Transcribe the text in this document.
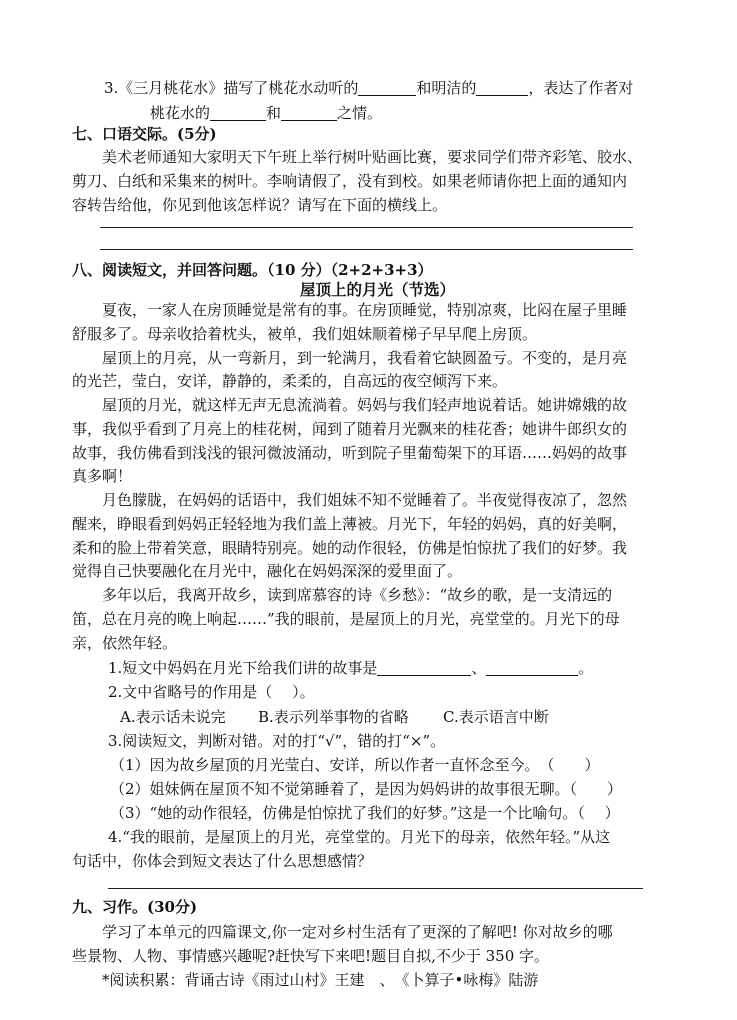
3.《三月桃花水》描写了桃花水动听的	和明洁的	，表达了作者对
桃花水的	和	之情。
七、口语交际。(5分)
美术老师通知大家明天下午班上举行树叶贴画比赛，要求同学们带齐彩笔、胶水、
剪刀、白纸和采集来的树叶。李响请假了，没有到校。如果老师请你把上面的通知内
容转告给他，你见到他该怎样说？请写在下面的横线上。
八、阅读短文，并回答问题。（10 分）（2+2+3+3）
屋顶上的月光（节选）
夏夜，一家人在房顶睡觉是常有的事。在房顶睡觉，特别凉爽，比闷在屋子里睡
舒服多了。母亲收拾着枕头，被单，我们姐妹顺着梯子早早爬上房顶。
屋顶上的月亮，从一弯新月，到一轮满月，我看着它缺圆盈亏。不变的，是月亮
的光芒，莹白，安详，静静的，柔柔的，自高远的夜空倾泻下来。
屋顶的月光，就这样无声无息流淌着。妈妈与我们轻声地说着话。她讲嫦娥的故
事，我似乎看到了月亮上的桂花树，闻到了随着月光飘来的桂花香；她讲牛郎织女的
故事，我仿佛看到浅浅的银河微波涌动，听到院子里葡萄架下的耳语……妈妈的故事
真多啊！
月色朦胧，在妈妈的话语中，我们姐妹不知不觉睡着了。半夜觉得夜凉了，忽然
醒来，睁眼看到妈妈正轻轻地为我们盖上薄被。月光下，年轻的妈妈，真的好美啊，
柔和的脸上带着笑意，眼睛特别亮。她的动作很轻，仿佛是怕惊扰了我们的好梦。我
觉得自己快要融化在月光中，融化在妈妈深深的爱里面了。
多年以后，我离开故乡，读到席慕容的诗《乡愁》：“故乡的歌，是一支清远的
笛，总在月亮的晚上响起……”我的眼前，是屋顶上的月光，亮堂堂的。月光下的母
亲，依然年轻。
1.短文中妈妈在月光下给我们讲的故事是	、	。
2.文中省略号的作用是（　 ）。
A.表示话未说完 B.表示列举事物的省略 C.表示语言中断
3.阅读短文，判断对错。对的打“√”，错的打“×”。
（1）因为故乡屋顶的月光莹白、安详，所以作者一直怀念至今。　（　　）
（2）姐妹俩在屋顶不知不觉第睡着了，是因为妈妈讲的故事很无聊。（　　）
（3）“她的动作很轻，仿佛是怕惊扰了我们的好梦。”这是一个比喻句。（　 ）
4.“我的眼前，是屋顶上的月光，亮堂堂的。月光下的母亲，依然年轻。”从这
句话中，你体会到短文表达了什么思想感情？
九、习作。(30分)
学习了本单元的四篇课文,你一定对乡村生活有了更深的了解吧! 你对故乡的哪
些景物、人物、事情感兴趣呢?赶快写下来吧!题目自拟,不少于 350 字。
*阅读积累：背诵古诗《雨过山村》王建　、　《卜算子•咏梅》陆游
